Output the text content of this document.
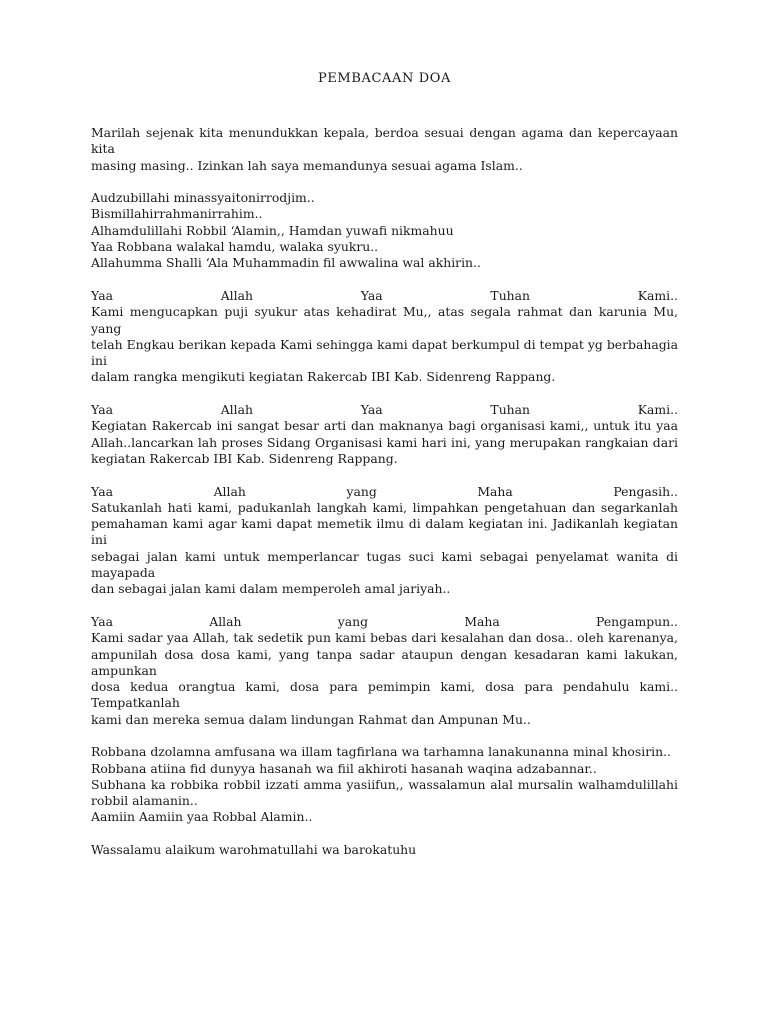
PEMBACAAN DOA
Marilah sejenak kita menundukkan kepala, berdoa sesuai dengan agama dan kepercayaan kita
masing masing.. Izinkan lah saya memandunya sesuai agama Islam..
Audzubillahi minassyaitonirrodjim..
Bismillahirrahmanirrahim..
Alhamdulillahi Robbil ‘Alamin,, Hamdan yuwafi nikmahuu
Yaa Robbana walakal hamdu, walaka syukru..
Allahumma Shalli ‘Ala Muhammadin fil awwalina wal akhirin..
Yaa Allah Yaa Tuhan Kami..
Kami mengucapkan puji syukur atas kehadirat Mu,, atas segala rahmat dan karunia Mu, yang
telah Engkau berikan kepada Kami sehingga kami dapat berkumpul di tempat yg berbahagia ini
dalam rangka mengikuti kegiatan Rakercab IBI Kab. Sidenreng Rappang.
Yaa Allah Yaa Tuhan Kami..
Kegiatan Rakercab ini sangat besar arti dan maknanya bagi organisasi kami,, untuk itu yaa
Allah..lancarkan lah proses Sidang Organisasi kami hari ini, yang merupakan rangkaian dari
kegiatan Rakercab IBI Kab. Sidenreng Rappang.
Yaa Allah yang Maha Pengasih..
Satukanlah hati kami, padukanlah langkah kami, limpahkan pengetahuan dan segarkanlah
pemahaman kami agar kami dapat memetik ilmu di dalam kegiatan ini. Jadikanlah kegiatan ini
sebagai jalan kami untuk memperlancar tugas suci kami sebagai penyelamat wanita di mayapada
dan sebagai jalan kami dalam memperoleh amal jariyah..
Yaa Allah yang Maha Pengampun..
Kami sadar yaa Allah, tak sedetik pun kami bebas dari kesalahan dan dosa.. oleh karenanya,
ampunilah dosa dosa kami, yang tanpa sadar ataupun dengan kesadaran kami lakukan, ampunkan
dosa kedua orangtua kami, dosa para pemimpin kami, dosa para pendahulu kami.. Tempatkanlah
kami dan mereka semua dalam lindungan Rahmat dan Ampunan Mu..
Robbana dzolamna amfusana wa illam tagfirlana wa tarhamna lanakunanna minal khosirin..
Robbana atiina fid dunyya hasanah wa fiil akhiroti hasanah waqina adzabannar..
Subhana ka robbika robbil izzati amma yasiifun,, wassalamun alal mursalin walhamdulillahi
robbil alamanin..
Aamiin Aamiin yaa Robbal Alamin..
Wassalamu alaikum warohmatullahi wa barokatuhu
